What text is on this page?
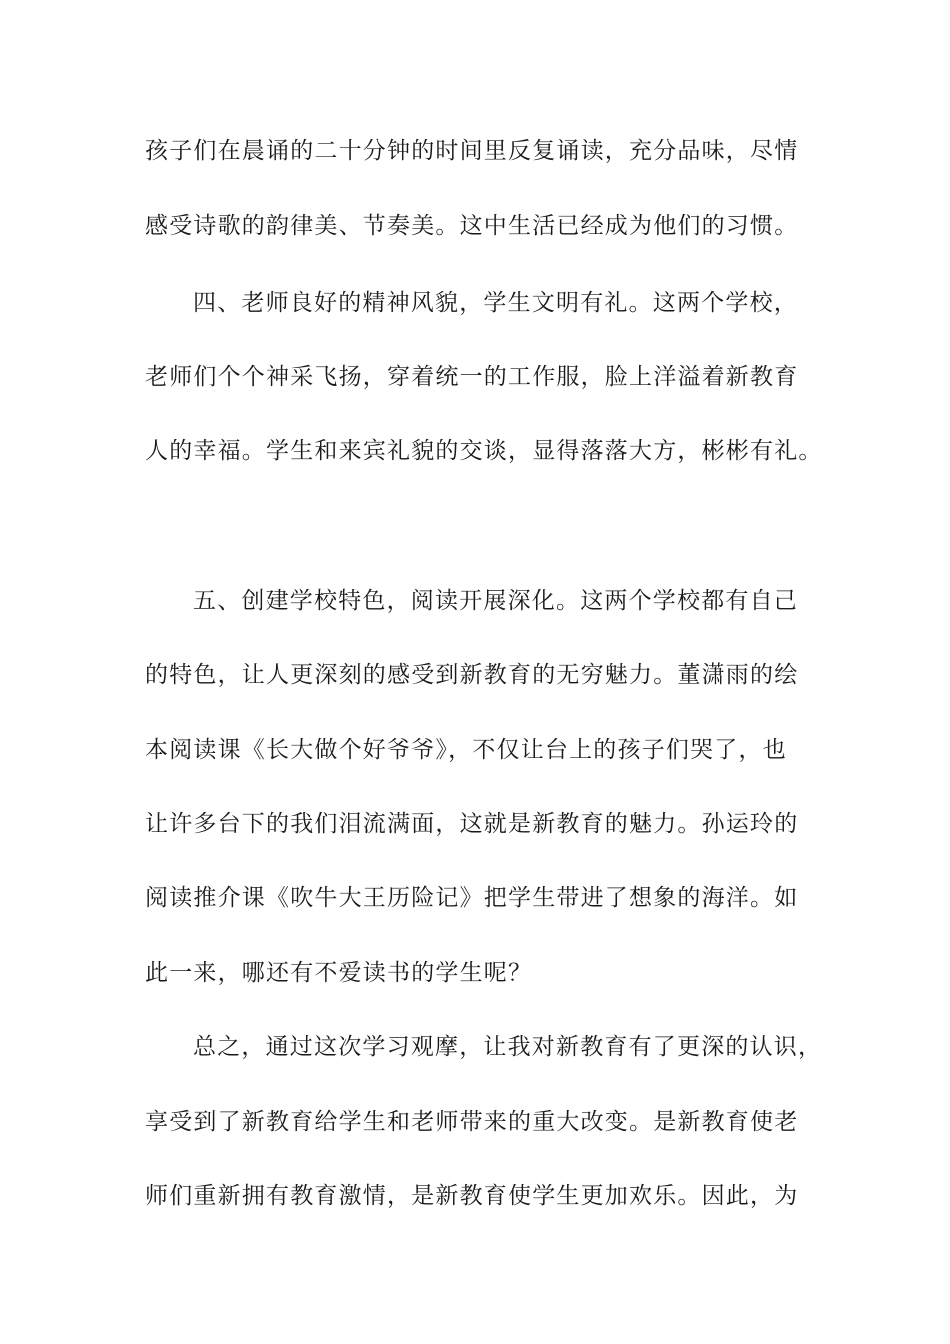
孩子们在晨诵的二十分钟的时间里反复诵读，充分品味，尽情
感受诗歌的韵律美、节奏美。这中生活已经成为他们的习惯。
四、老师良好的精神风貌，学生文明有礼。这两个学校，
老师们个个神采飞扬，穿着统一的工作服，脸上洋溢着新教育
人的幸福。学生和来宾礼貌的交谈，显得落落大方，彬彬有礼。
五、创建学校特色，阅读开展深化。这两个学校都有自己
的特色，让人更深刻的感受到新教育的无穷魅力。董潇雨的绘
本阅读课《长大做个好爷爷》，不仅让台上的孩子们哭了，也
让许多台下的我们泪流满面，这就是新教育的魅力。孙运玲的
阅读推介课《吹牛大王历险记》把学生带进了想象的海洋。如
此一来，哪还有不爱读书的学生呢？
总之，通过这次学习观摩，让我对新教育有了更深的认识，
享受到了新教育给学生和老师带来的重大改变。是新教育使老
师们重新拥有教育激情，是新教育使学生更加欢乐。因此，为
